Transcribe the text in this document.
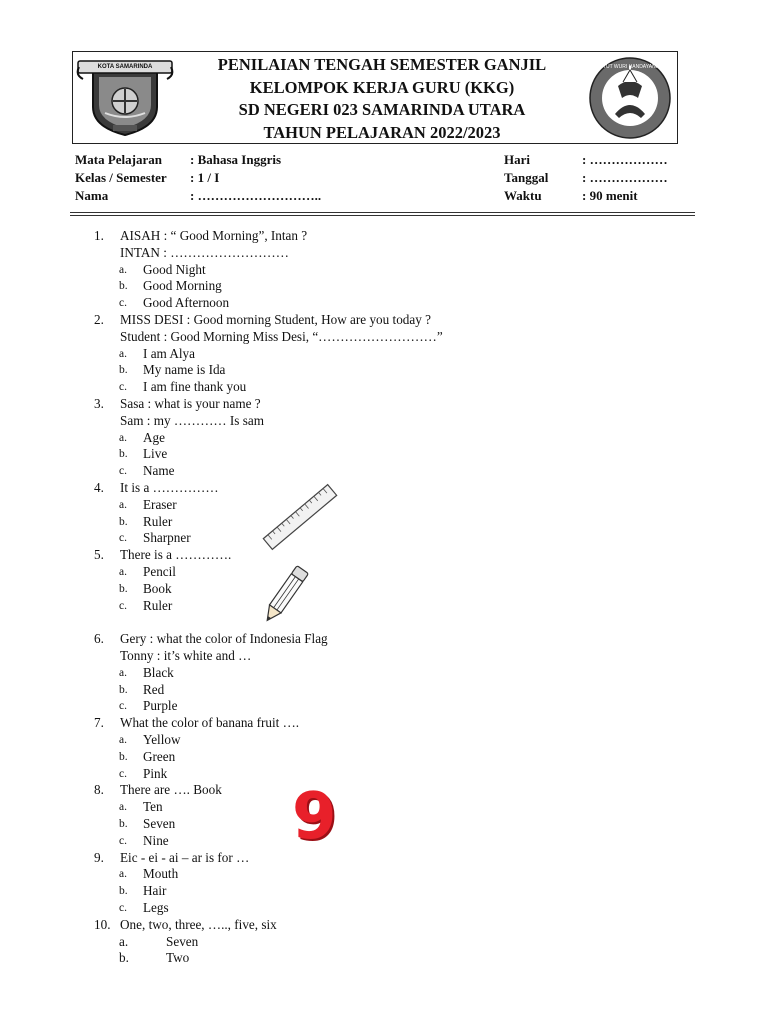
KOTA SAMARINDA	PENILAIAN TENGAH SEMESTER GANJIL
KELOMPOK KERJA GURU (KKG)
SD NEGERI 023 SAMARINDA UTARA
TAHUN PELAJARAN 2022/2023
TUT WURI HANDAYANI
Mata Pelajaran : Bahasa Inggris	Hari	: ………………
Kelas / Semester : 1 / I	Tanggal	: ………………
Nama	: ………………………..	Waktu	: 90 menit
1. AISAH : “ Good Morning”, Intan ?
INTAN : ………………………
a. Good Night
b. Good Morning
c. Good Afternoon
2. MISS DESI : Good morning Student, How are you today ?
Student : Good Morning Miss Desi, “………………………”
a. I am Alya
b. My name is Ida
c. I am fine thank you
3. Sasa : what is your name ?
Sam : my ………… Is sam
a. Age
b. Live
c. Name
4. It is a ……………
a. Eraser
b. Ruler
c. Sharpner
5. There is a ………….
a. Pencil
b. Book
c. Ruler
6. Gery : what the color of Indonesia Flag
Tonny : it’s white and …
a. Black
b. Red
c. Purple
7. What the color of banana fruit ….
a. Yellow
b. Green
c. Pink
8. There are …. Book
a. Ten
b. Seven
c. Nine
9. Eic - ei - ai – ar is for …
a. Mouth
b. Hair
c. Legs
10. One, two, three, ….., five, six
a.	Seven
b.	Two
9
